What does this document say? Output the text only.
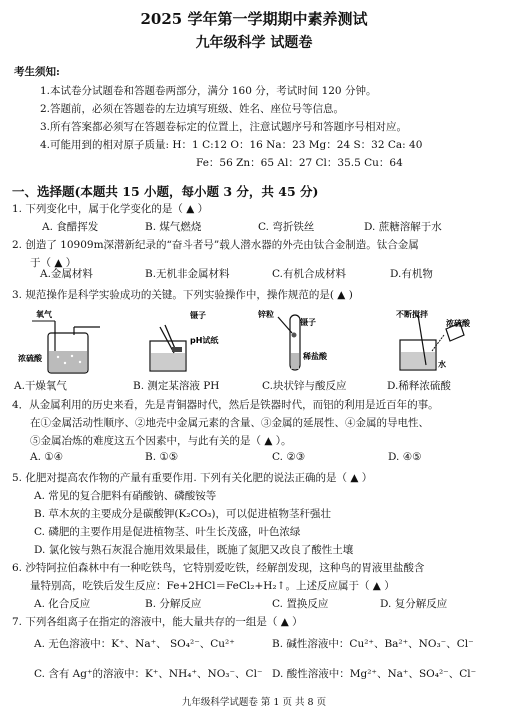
2025 学年第一学期期中素养测试
九年级科学 试题卷
考生须知:
1.本试卷分试题卷和答题卷两部分，满分 160 分，考试时间 120 分钟。
2.答题前，必须在答题卷的左边填写班级、姓名、座位号等信息。
3.所有答案都必须写在答题卷标定的位置上，注意试题序号和答题序号相对应。
4.可能用到的相对原子质量: H：1 C:12 O：16 Na：23 Mg：24 S：32 Ca: 40
Fe：56 Zn：65 Al：27 Cl：35.5 Cu：64
一、选择题(本题共 15 小题，每小题 3 分，共 45 分)
1. 下列变化中，属于化学变化的是（ ▲ ）
A. 食醋挥发	B. 煤气燃烧	C. 弯折铁丝	D. 蔗糖溶解于水
2. 创造了 10909m深潜新纪录的“奋斗者号”载人潜水器的外壳由钛合金制造。钛合金属
于（ ▲ ）
A.金属材料	B.无机非金属材料	C.有机合成材料	D.有机物
3. 规范操作是科学实验成功的关键。下列实验操作中，操作规范的是( ▲ )
氧气
浓硫酸
镊子
pH试纸
锌粒
镊子
稀盐酸
不断搅拌
浓硫酸
水
A.干燥氧气	B. 测定某溶液 PH	C.块状锌与酸反应	D.稀释浓硫酸
4．从金属利用的历史来看，先是青铜器时代，然后是铁器时代，而铝的利用是近百年的事。
在①金属活动性顺序、②地壳中金属元素的含量、③金属的延展性、④金属的导电性、
⑤金属冶炼的难度这五个因素中，与此有关的是（ ▲ ）。
A. ①④	B. ①⑤	C. ②③	D. ④⑤
5. 化肥对提高农作物的产量有重要作用. 下列有关化肥的说法正确的是（ ▲ ）
A. 常见的复合肥料有硝酸钠、磷酸铵等
B. 草木灰的主要成分是碳酸钾(K₂CO₃)，可以促进植物茎秆强壮
C. 磷肥的主要作用是促进植物茎、叶生长茂盛，叶色浓绿
D. 氯化铵与熟石灰混合施用效果最佳，既施了氮肥又改良了酸性土壤
6. 沙特阿拉伯森林中有一种吃铁鸟，它特别爱吃铁，经解剖发现，这种鸟的胃液里盐酸含
量特别高，吃铁后发生反应：Fe+2HCl＝FeCl₂+H₂↑。上述反应属于（ ▲ ）
A. 化合反应	B. 分解反应	C. 置换反应	D. 复分解反应
7. 下列各组离子在指定的溶液中，能大量共存的一组是（ ▲ ）
A. 无色溶液中：K⁺、Na⁺、 SO₄²⁻、Cu²⁺	B. 碱性溶液中：Cu²⁺、Ba²⁺、NO₃⁻、Cl⁻
C. 含有 Ag⁺的溶液中：K⁺、NH₄⁺、NO₃⁻、Cl⁻ D. 酸性溶液中：Mg²⁺、Na⁺、SO₄²⁻、Cl⁻
九年级科学试题卷 第 1 页 共 8 页
